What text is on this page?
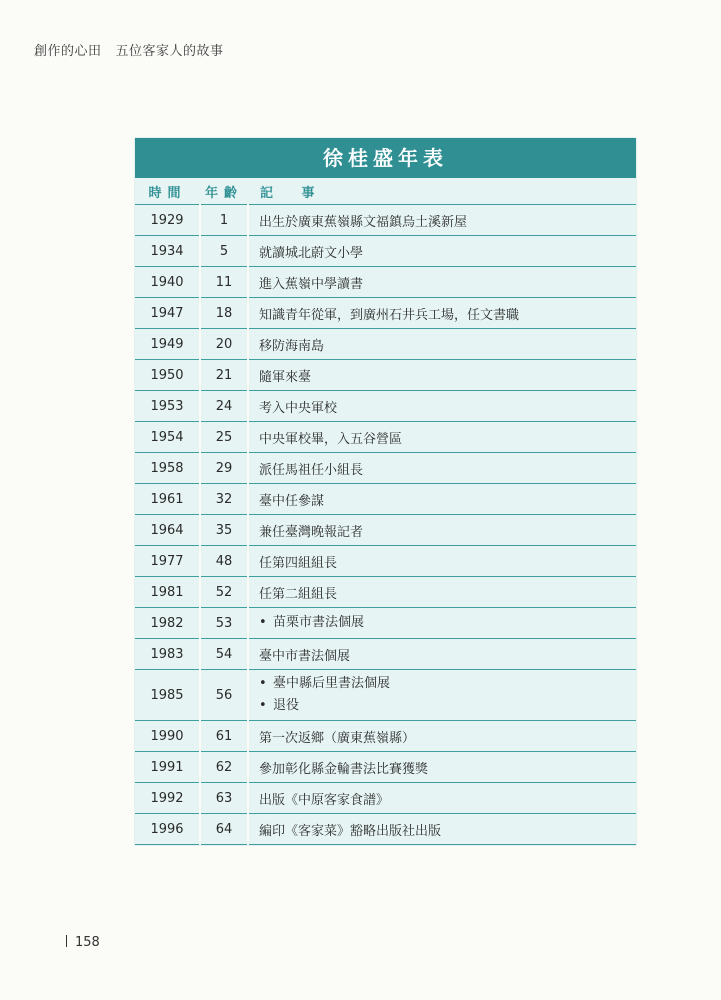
創作的心田 五位客家人的故事
徐桂盛年表
時間	年齡	記 事
1929	1	出生於廣東蕉嶺縣文福鎮烏土溪新屋
1934	5	就讀城北蔚文小學
1940	11	進入蕉嶺中學讀書
1947	18	知識青年從軍，到廣州石井兵工場，任文書職
1949	20	移防海南島
1950	21	隨軍來臺
1953	24	考入中央軍校
1954	25	中央軍校畢，入五谷營區
1958	29	派任馬祖任小組長
1961	32	臺中任參謀
1964	35	兼任臺灣晚報記者
1977	48	任第四組組長
1981	52	任第二組組長
1982	53	• 苗栗市書法個展

1983	54	臺中市書法個展
1985	56	• 臺中縣后里書法個展
• 退役

1990	61	第一次返鄉（廣東蕉嶺縣）
1991	62	參加彰化縣金輪書法比賽獲獎
1992	63	出版《中原客家食譜》
1996	64	編印《客家菜》豁略出版社出版
158
